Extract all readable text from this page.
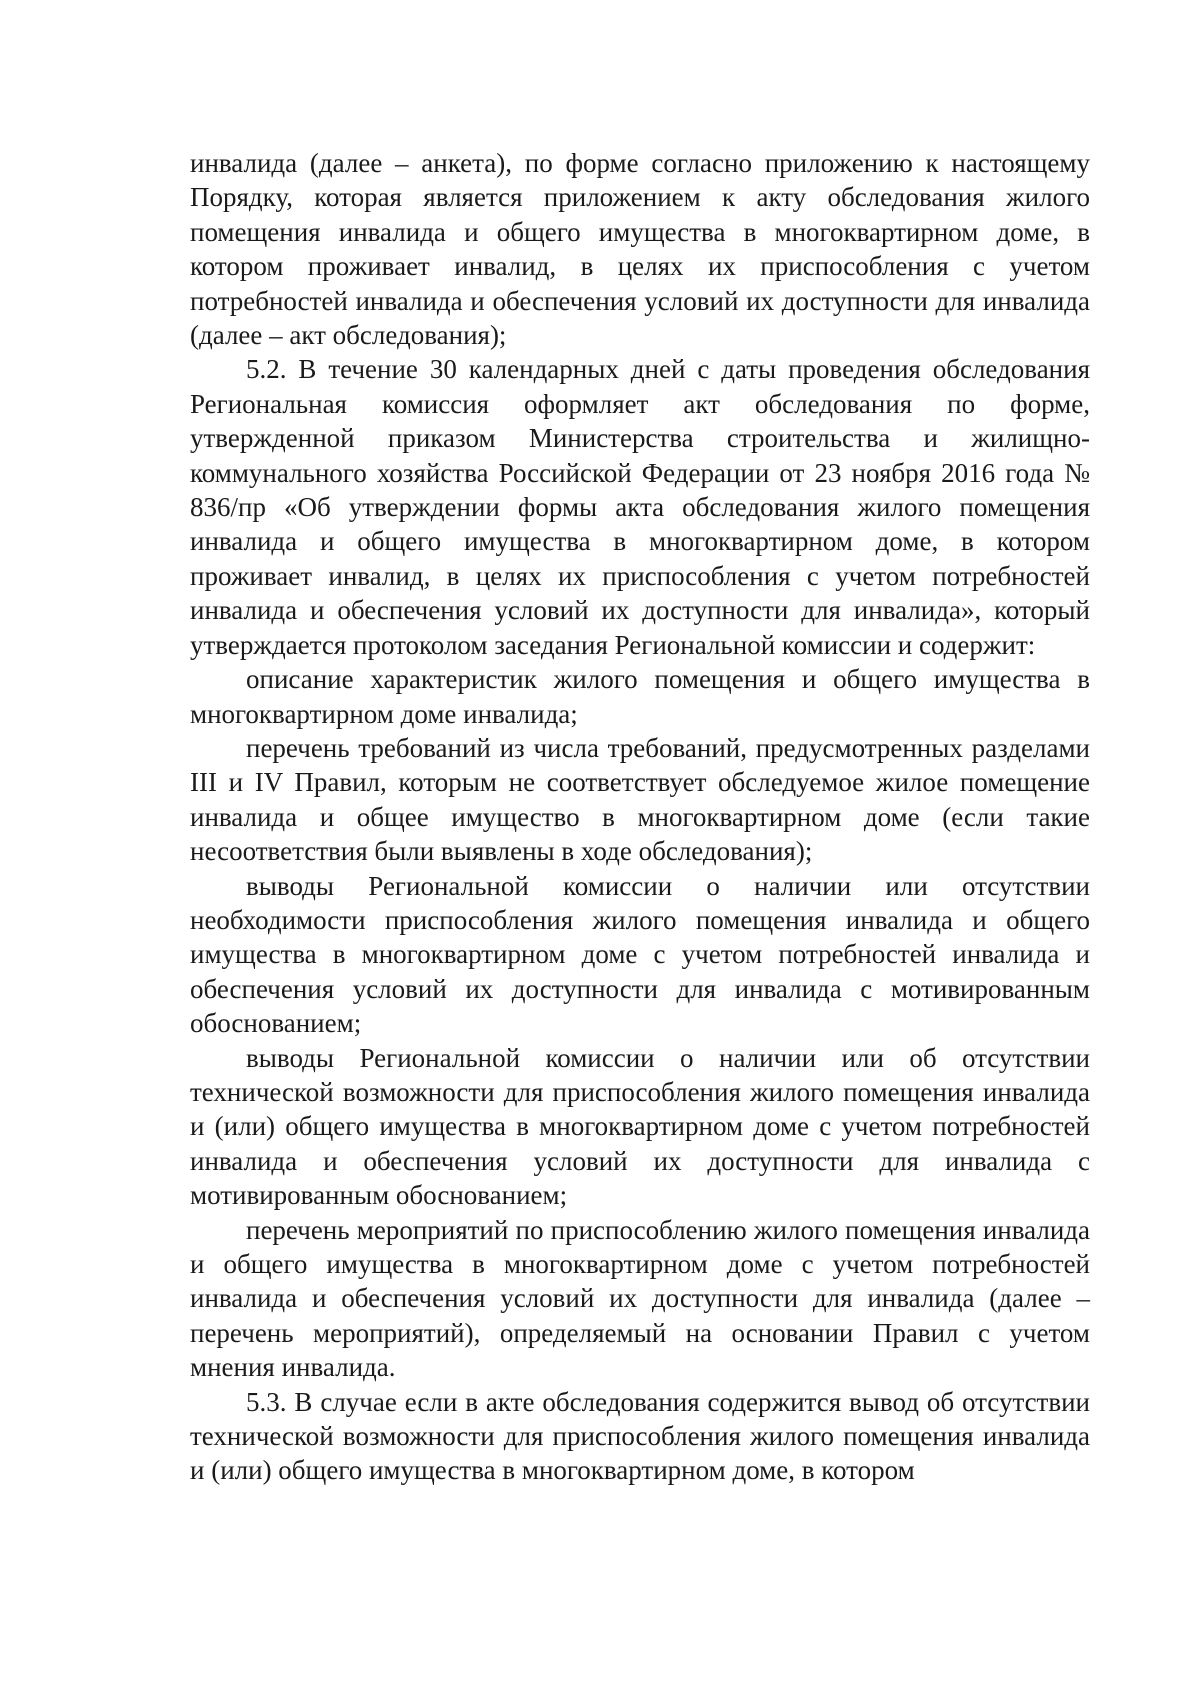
инвалида (далее – анкета), по форме согласно приложению к настоящему Порядку, которая является приложением к акту обследования жилого помещения инвалида и общего имущества в многоквартирном доме, в котором проживает инвалид, в целях их приспособления с учетом потребностей инвалида и обеспечения условий их доступности для инвалида (далее – акт обследования);

5.2. В течение 30 календарных дней с даты проведения обследования Региональная комиссия оформляет акт обследования по форме, утвержденной приказом Министерства строительства и жилищно-коммунального хозяйства Российской Федерации от 23 ноября 2016 года № 836/пр «Об утверждении формы акта обследования жилого помещения инвалида и общего имущества в многоквартирном доме, в котором проживает инвалид, в целях их приспособления с учетом потребностей инвалида и обеспечения условий их доступности для инвалида», который утверждается протоколом заседания Региональной комиссии и содержит:

описание характеристик жилого помещения и общего имущества в многоквартирном доме инвалида;

перечень требований из числа требований, предусмотренных разделами III и IV Правил, которым не соответствует обследуемое жилое помещение инвалида и общее имущество в многоквартирном доме (если такие несоответствия были выявлены в ходе обследования);

выводы Региональной комиссии о наличии или отсутствии необходимости приспособления жилого помещения инвалида и общего имущества в многоквартирном доме с учетом потребностей инвалида и обеспечения условий их доступности для инвалида с мотивированным обоснованием;

выводы Региональной комиссии о наличии или об отсутствии технической возможности для приспособления жилого помещения инвалида и (или) общего имущества в многоквартирном доме с учетом потребностей инвалида и обеспечения условий их доступности для инвалида с мотивированным обоснованием;

перечень мероприятий по приспособлению жилого помещения инвалида и общего имущества в многоквартирном доме с учетом потребностей инвалида и обеспечения условий их доступности для инвалида (далее – перечень мероприятий), определяемый на основании Правил с учетом мнения инвалида.

5.3. В случае если в акте обследования содержится вывод об отсутствии технической возможности для приспособления жилого помещения инвалида и (или) общего имущества в многоквартирном доме, в котором
